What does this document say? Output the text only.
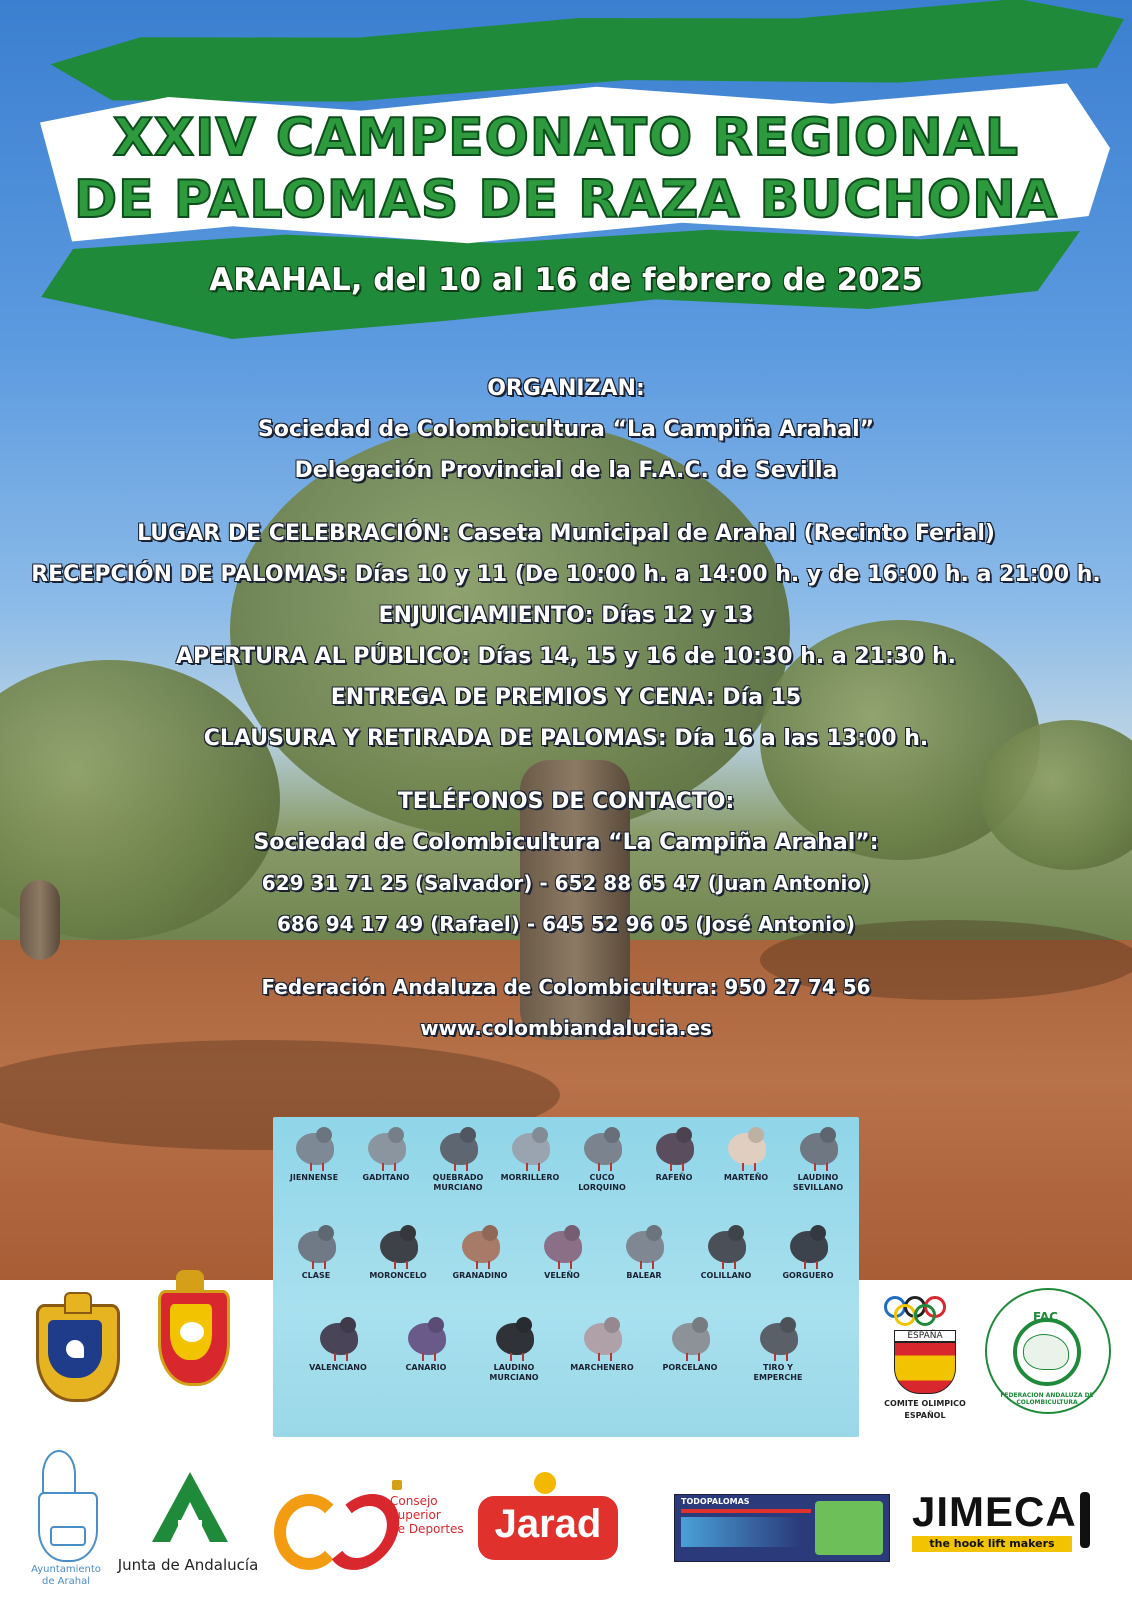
XXIV CAMPEONATO REGIONAL
DE PALOMAS DE RAZA BUCHONA
ARAHAL, del 10 al 16 de febrero de 2025
ORGANIZAN:
Sociedad de Colombicultura “La Campiña Arahal”
Delegación Provincial de la F.A.C. de Sevilla
LUGAR DE CELEBRACIÓN: Caseta Municipal de Arahal (Recinto Ferial)
RECEPCIÓN DE PALOMAS: Días 10 y 11 (De 10:00 h. a 14:00 h. y de 16:00 h. a 21:00 h.
ENJUICIAMIENTO: Días 12 y 13
APERTURA AL PÚBLICO: Días 14, 15 y 16 de 10:30 h. a 21:30 h.
ENTREGA DE PREMIOS Y CENA: Día 15
CLAUSURA Y RETIRADA DE PALOMAS: Día 16 a las 13:00 h.
TELÉFONOS DE CONTACTO:
Sociedad de Colombicultura “La Campiña Arahal”:
629 31 71 25 (Salvador) - 652 88 65 47 (Juan Antonio)
686 94 17 49 (Rafael) - 645 52 96 05 (José Antonio)
Federación Andaluza de Colombicultura: 950 27 74 56
www.colombiandalucia.es
JIENNENSE	GADITANO	QUEBRADO
MURCIANO
MORRILLERO	CUCO
LORQUINO
RAFEÑO	MARTEÑO	LAUDINO
SEVILLANO
CLASE	MORONCELO	GRANADINO	VELEÑO	BALEAR	COLILLANO	GORGUERO
VALENCIANO	CANARIO	LAUDINO
MURCIANO
MARCHENERO	PORCELANO	TIRO Y
EMPERCHE
ESPAÑA
COMITE OLIMPICO
ESPAÑOL
FAC
FEDERACION ANDALUZA DE COLOMBICULTURA
Ayuntamiento
de Arahal
Junta de Andalucía
Consejo
Superior
de Deportes Jarad
TODOPALOMAS	JIMECA
the hook lift makers
